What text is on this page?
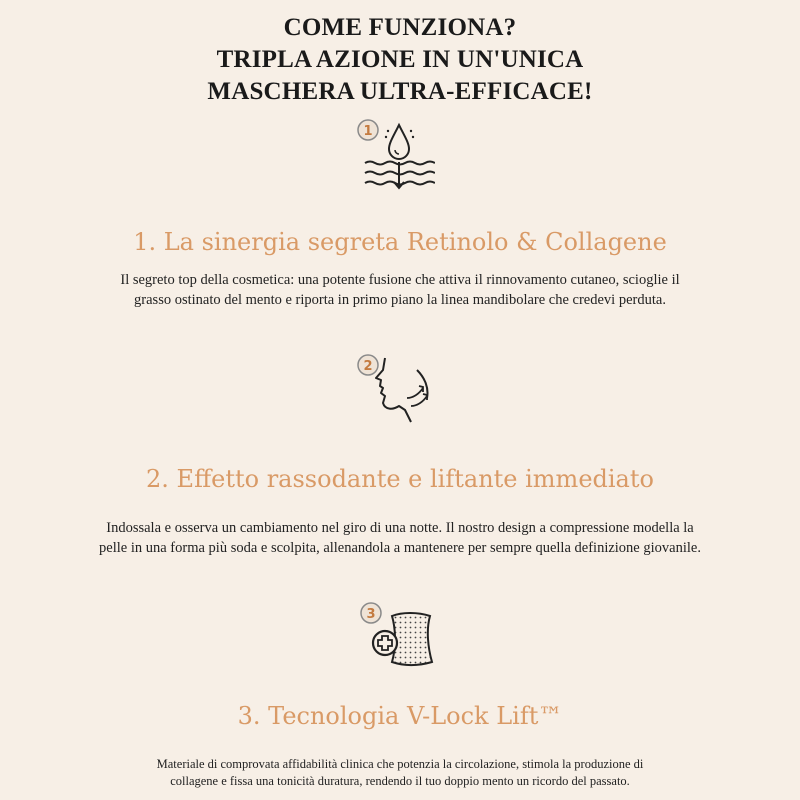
COME FUNZIONA?
TRIPLA AZIONE IN UN'UNICA
MASCHERA ULTRA-EFFICACE!
1
1. La sinergia segreta Retinolo & Collagene
Il segreto top della cosmetica: una potente fusione che attiva il rinnovamento cutaneo, scioglie il
grasso ostinato del mento e riporta in primo piano la linea mandibolare che credevi perduta.
2
2. Effetto rassodante e liftante immediato
Indossala e osserva un cambiamento nel giro di una notte. Il nostro design a compressione modella la
pelle in una forma più soda e scolpita, allenandola a mantenere per sempre quella definizione giovanile.
3
3. Tecnologia V-Lock Lift™
Materiale di comprovata affidabilità clinica che potenzia la circolazione, stimola la produzione di
collagene e fissa una tonicità duratura, rendendo il tuo doppio mento un ricordo del passato.
